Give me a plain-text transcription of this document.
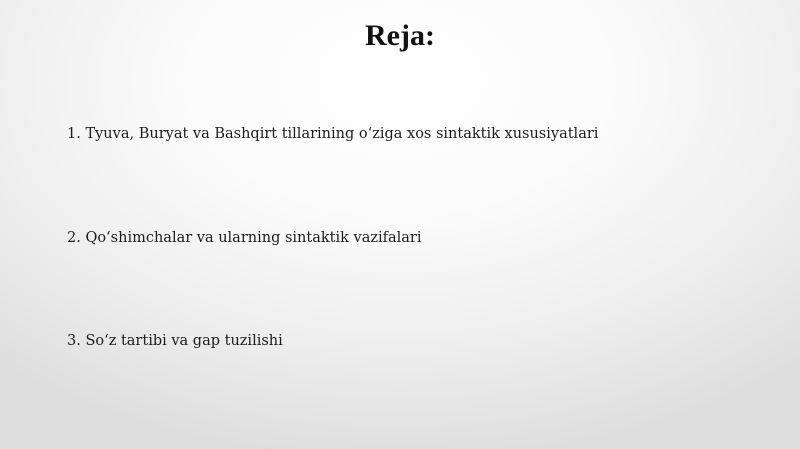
Reja:

1. Tyuva, Buryat va Bashqirt tillarining o‘ziga xos sintaktik xususiyatlari

2. Qo‘shimchalar va ularning sintaktik vazifalari

3. So‘z tartibi va gap tuzilishi
